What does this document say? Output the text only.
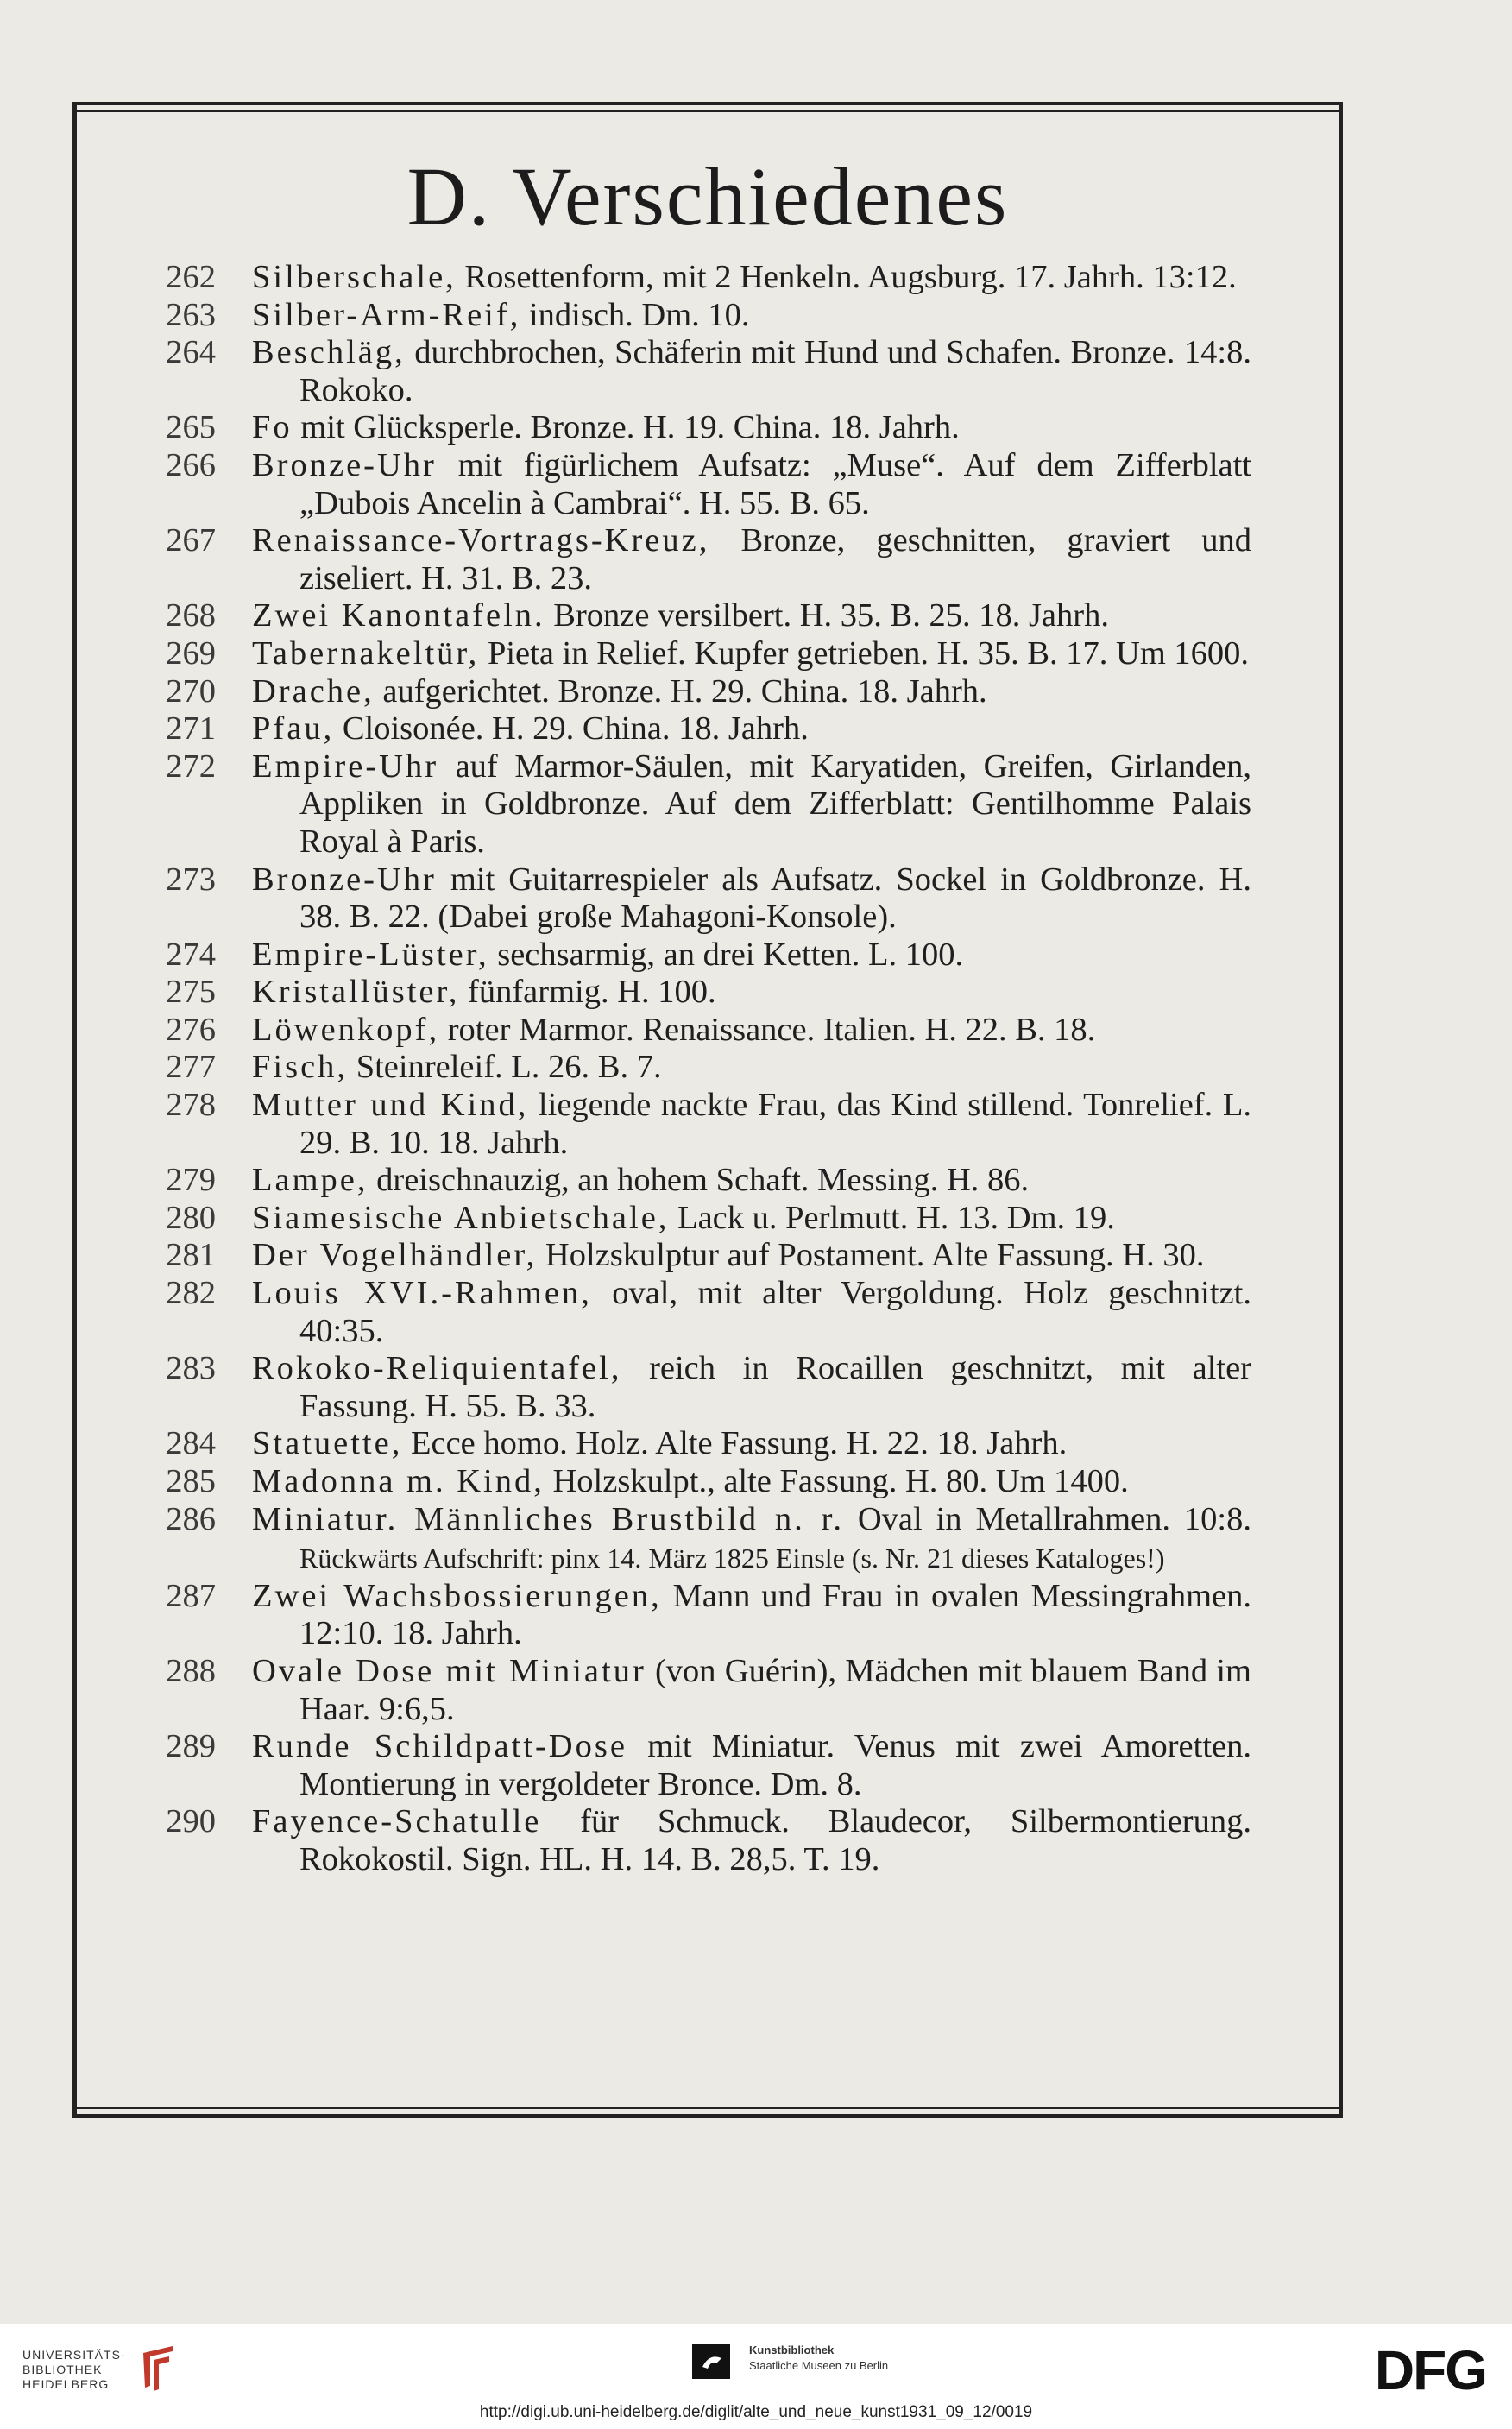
D. Verschiedenes
262 Silberschale, Rosettenform, mit 2 Henkeln. Augsburg. 17. Jahrh. 13:12.
263 Silber-Arm-Reif, indisch. Dm. 10.
264 Beschläg, durchbrochen, Schäferin mit Hund und Schafen. Bronze. 14:8. Rokoko.
265 Fo mit Glücksperle. Bronze. H. 19. China. 18. Jahrh.
266 Bronze-Uhr mit figürlichem Aufsatz: „Muse“. Auf dem Zifferblatt „Dubois Ancelin à Cambrai“. H. 55. B. 65.
267 Renaissance-Vortrags-Kreuz, Bronze, geschnitten, graviert und ziseliert. H. 31. B. 23.
268 Zwei Kanontafeln. Bronze versilbert. H. 35. B. 25. 18. Jahrh.
269 Tabernakeltür, Pieta in Relief. Kupfer getrieben. H. 35. B. 17. Um 1600.
270 Drache, aufgerichtet. Bronze. H. 29. China. 18. Jahrh.
271 Pfau, Cloisonée. H. 29. China. 18. Jahrh.
272 Empire-Uhr auf Marmor-Säulen, mit Karyatiden, Greifen, Girlanden, Appliken in Goldbronze. Auf dem Zifferblatt: Gentilhomme Palais Royal à Paris.
273 Bronze-Uhr mit Guitarrespieler als Aufsatz. Sockel in Goldbronze. H. 38. B. 22. (Dabei große Mahagoni-Konsole).
274 Empire-Lüster, sechsarmig, an drei Ketten. L. 100.
275 Kristallüster, fünfarmig. H. 100.
276 Löwenkopf, roter Marmor. Renaissance. Italien. H. 22. B. 18.
277 Fisch, Steinreleif. L. 26. B. 7.
278 Mutter und Kind, liegende nackte Frau, das Kind stillend. Tonrelief. L. 29. B. 10. 18. Jahrh.
279 Lampe, dreischnauzig, an hohem Schaft. Messing. H. 86.
280 Siamesische Anbietschale, Lack u. Perlmutt. H. 13. Dm. 19.
281 Der Vogelhändler, Holzskulptur auf Postament. Alte Fassung. H. 30.
282 Louis XVI.-Rahmen, oval, mit alter Vergoldung. Holz geschnitzt. 40:35.
283 Rokoko-Reliquientafel, reich in Rocaillen geschnitzt, mit alter Fassung. H. 55. B. 33.
284 Statuette, Ecce homo. Holz. Alte Fassung. H. 22. 18. Jahrh.
285 Madonna m. Kind, Holzskulpt., alte Fassung. H. 80. Um 1400.
286 Miniatur. Männliches Brustbild n. r. Oval in Metallrahmen. 10:8. Rückwärts Aufschrift: pinx 14. März 1825 Einsle (s. Nr. 21 dieses Kataloges!)
287 Zwei Wachsbossierungen, Mann und Frau in ovalen Messingrahmen. 12:10. 18. Jahrh.
288 Ovale Dose mit Miniatur (von Guérin), Mädchen mit blauem Band im Haar. 9:6,5.
289 Runde Schildpatt-Dose mit Miniatur. Venus mit zwei Amoretten. Montierung in vergoldeter Bronce. Dm. 8.
290 Fayence-Schatulle für Schmuck. Blaudecor, Silbermontierung. Rokokostil. Sign. HL. H. 14. B. 28,5. T. 19.
UNIVERSITÄTS-
BIBLIOTHEK
HEIDELBERG
Kunstbibliothek
Staatliche Museen zu Berlin	DFG
http://digi.ub.uni-heidelberg.de/diglit/alte_und_neue_kunst1931_09_12/0019
